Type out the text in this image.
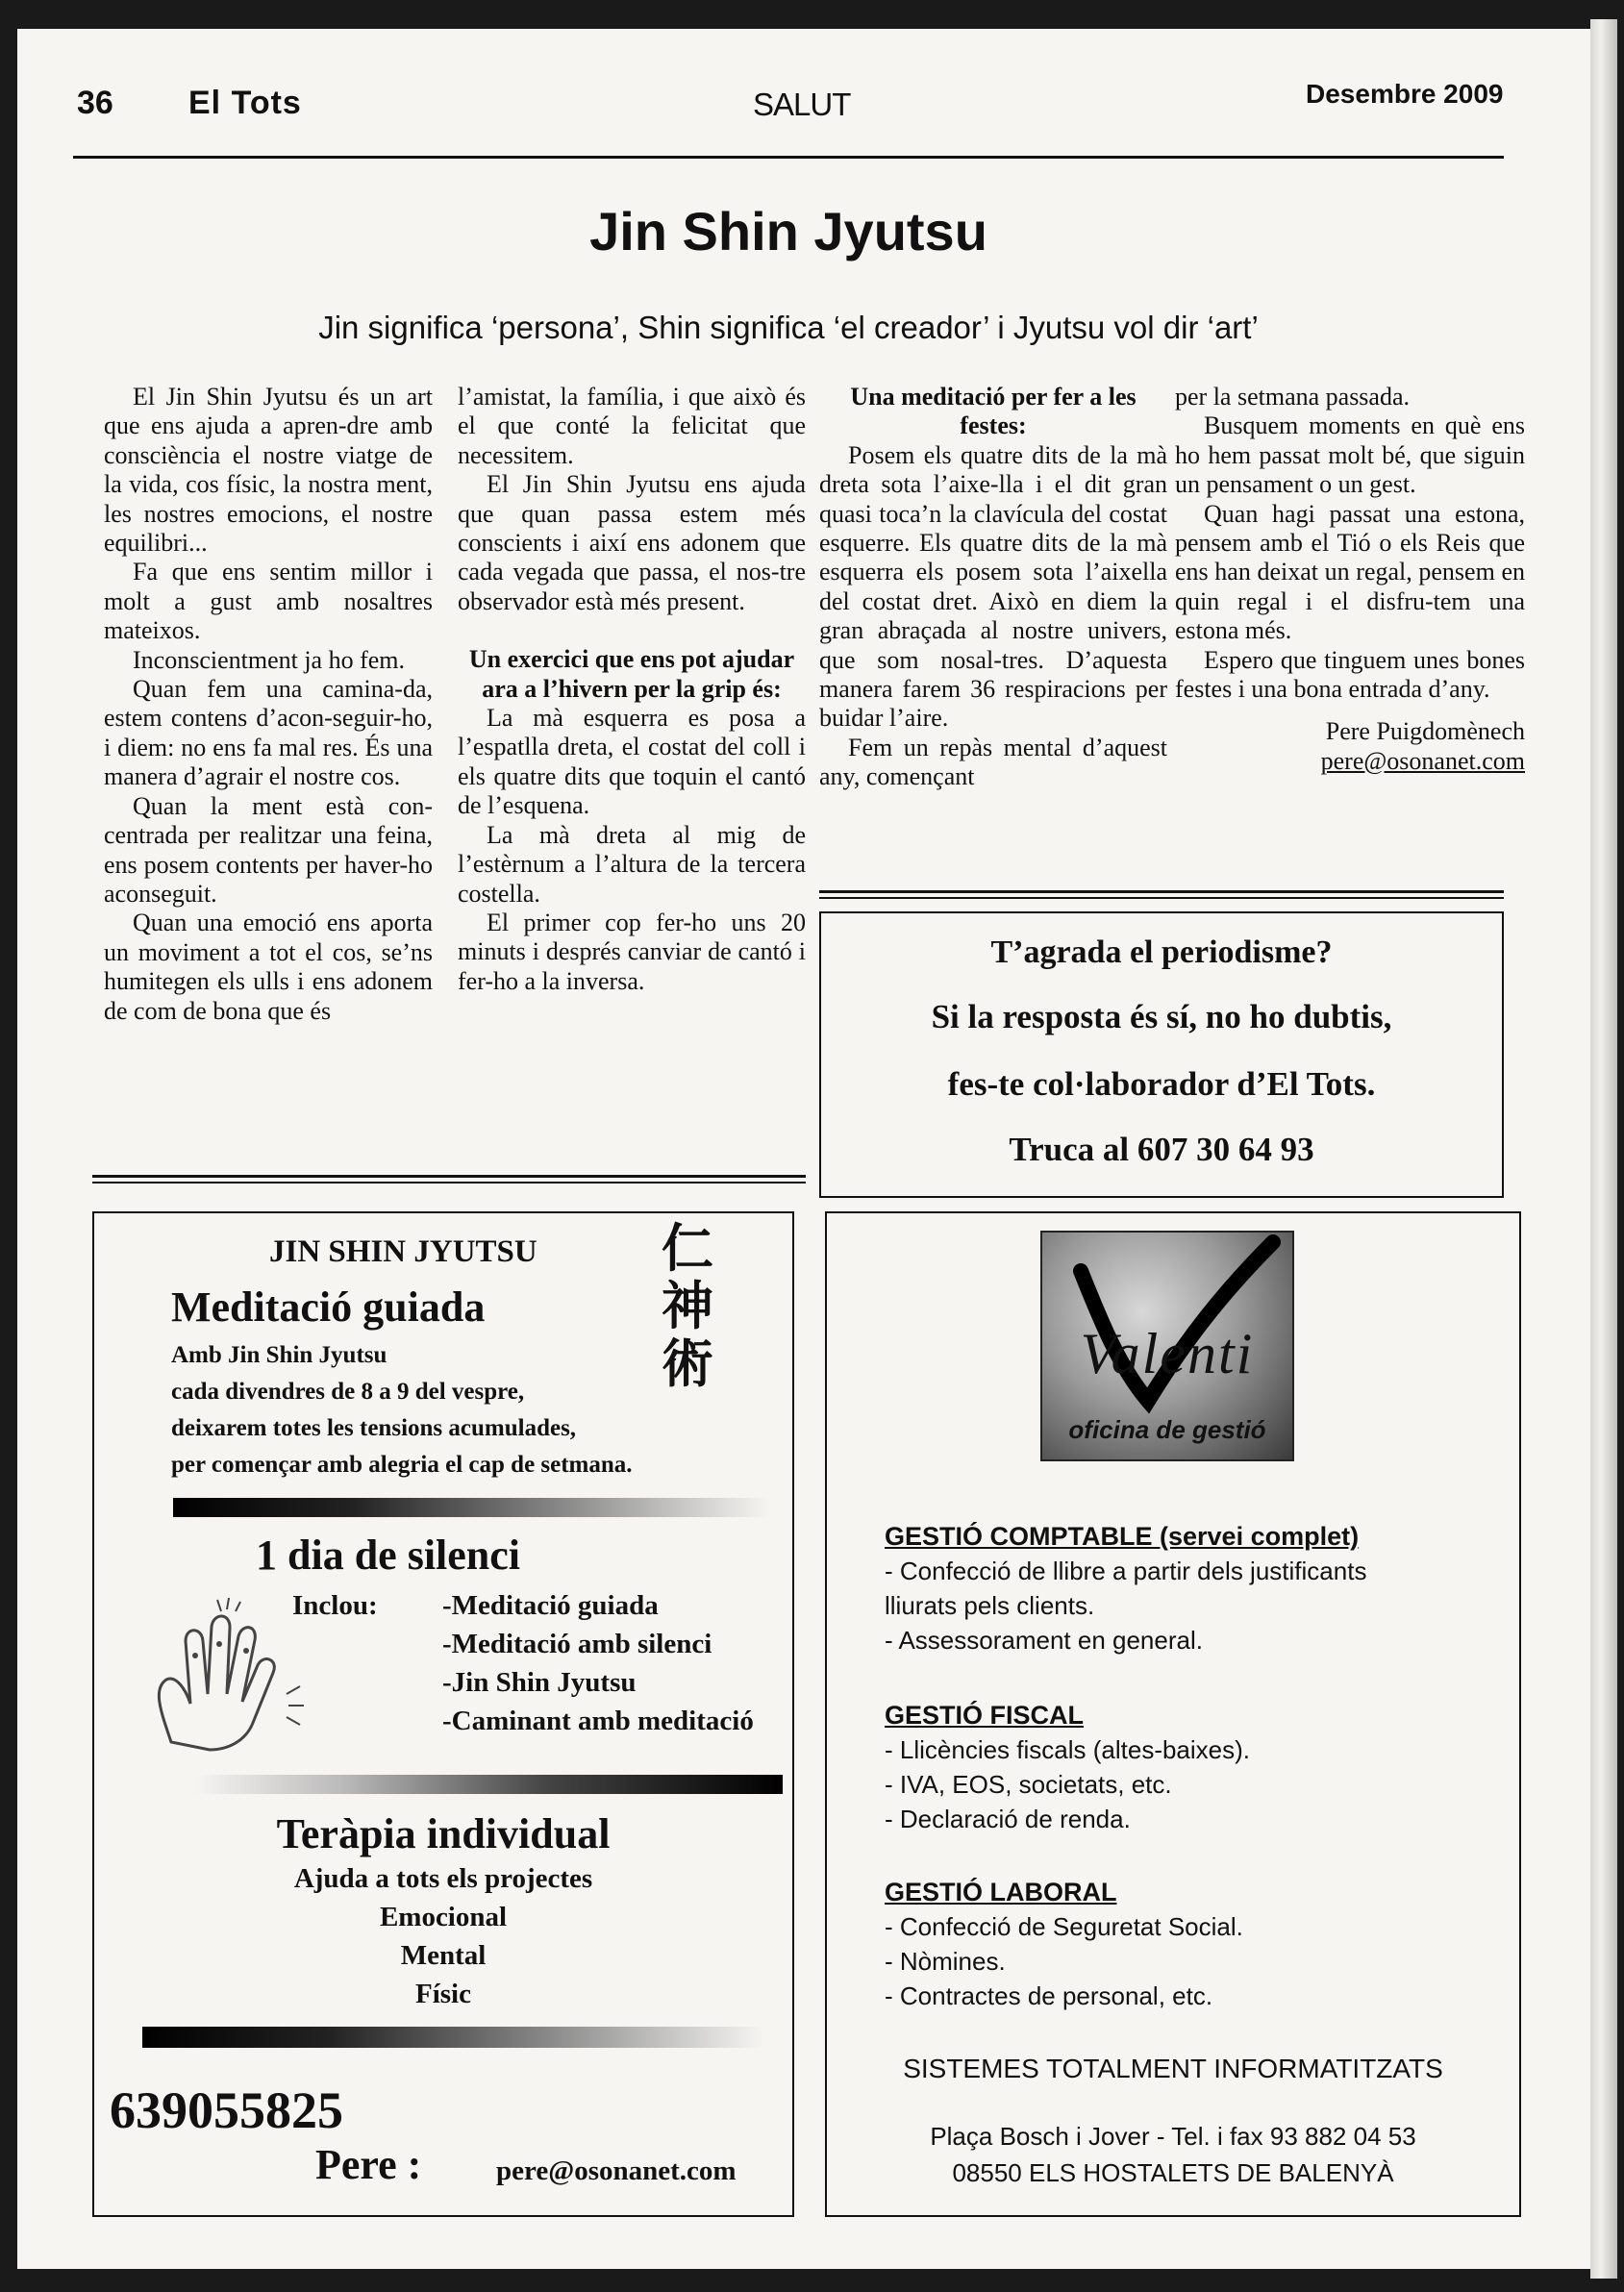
36 El Tots	SALUT	Desembre 2009
Jin Shin Jyutsu
Jin significa ‘persona’, Shin significa ‘el creador’ i Jyutsu vol dir ‘art’

El Jin Shin Jyutsu és un art que ens ajuda a apren-dre amb consciència el nostre viatge de la vida, cos físic, la nostra ment, les nostres emocions, el nostre equilibri...

Fa que ens sentim millor i molt a gust amb nosaltres mateixos.

Inconscientment ja ho fem.

Quan fem una camina-da, estem contens d’acon-seguir-ho, i diem: no ens fa mal res. És una manera d’agrair el nostre cos.

Quan la ment està con-centrada per realitzar una feina, ens posem contents per haver-ho aconseguit.

Quan una emoció ens aporta un moviment a tot el cos, se’ns humitegen els ulls i ens adonem de com de bona que és

l’amistat, la família, i que això és el que conté la felicitat que necessitem.

El Jin Shin Jyutsu ens ajuda que quan passa estem més conscients i així ens adonem que cada vegada que passa, el nos-tre observador està més present.

Un exercici que ens pot ajudar ara a l’hivern per la grip és:

La mà esquerra es posa a l’espatlla dreta, el costat del coll i els quatre dits que toquin el cantó de l’esquena.

La mà dreta al mig de l’estèrnum a l’altura de la tercera costella.

El primer cop fer-ho uns 20 minuts i després canviar de cantó i fer-ho a la inversa.

Una meditació per fer a les festes:

Posem els quatre dits de la mà dreta sota l’aixe-lla i el dit gran quasi toca’n la clavícula del costat esquerre. Els quatre dits de la mà esquerra els posem sota l’aixella del costat dret. Això en diem la gran abraçada al nostre univers, que som nosal-tres. D’aquesta manera farem 36 respiracions per buidar l’aire.

Fem un repàs mental d’aquest any, començant

per la setmana passada.

Busquem moments en què ens ho hem passat molt bé, que siguin un pensament o un gest.

Quan hagi passat una estona, pensem amb el Tió o els Reis que ens han deixat un regal, pensem en quin regal i el disfru-tem una estona més.

Espero que tinguem unes bones festes i una bona entrada d’any.

Pere Puigdomènech

pere@osonanet.com

T’agrada el periodisme?
Si la resposta és sí, no ho dubtis,
fes-te col·laborador d’El Tots.
Truca al 607 30 64 93
JIN SHIN JYUTSU 仁
神
術
Meditació guiada
Amb Jin Shin Jyutsu
cada divendres de 8 a 9 del vespre,
deixarem totes les tensions acumulades,
per començar amb alegria el cap de setmana.
1 dia de silenci
Inclou: -Meditació guiada
-Meditació amb silenci
-Jin Shin Jyutsu
-Caminant amb meditació
Teràpia individual
Ajuda a tots els projectes
Emocional
Mental
Físic
639055825
Pere :	pere@osonanet.com
Valenti
oficina de gestió
GESTIÓ COMPTABLE (servei complet)
- Confecció de llibre a partir dels justificants
lliurats pels clients.
- Assessorament en general.
GESTIÓ FISCAL
- Llicències fiscals (altes-baixes).
- IVA, EOS, societats, etc.
- Declaració de renda.
GESTIÓ LABORAL
- Confecció de Seguretat Social.
- Nòmines.
- Contractes de personal, etc.
SISTEMES TOTALMENT INFORMATITZATS
Plaça Bosch i Jover - Tel. i fax 93 882 04 53
08550 ELS HOSTALETS DE BALENYÀ
